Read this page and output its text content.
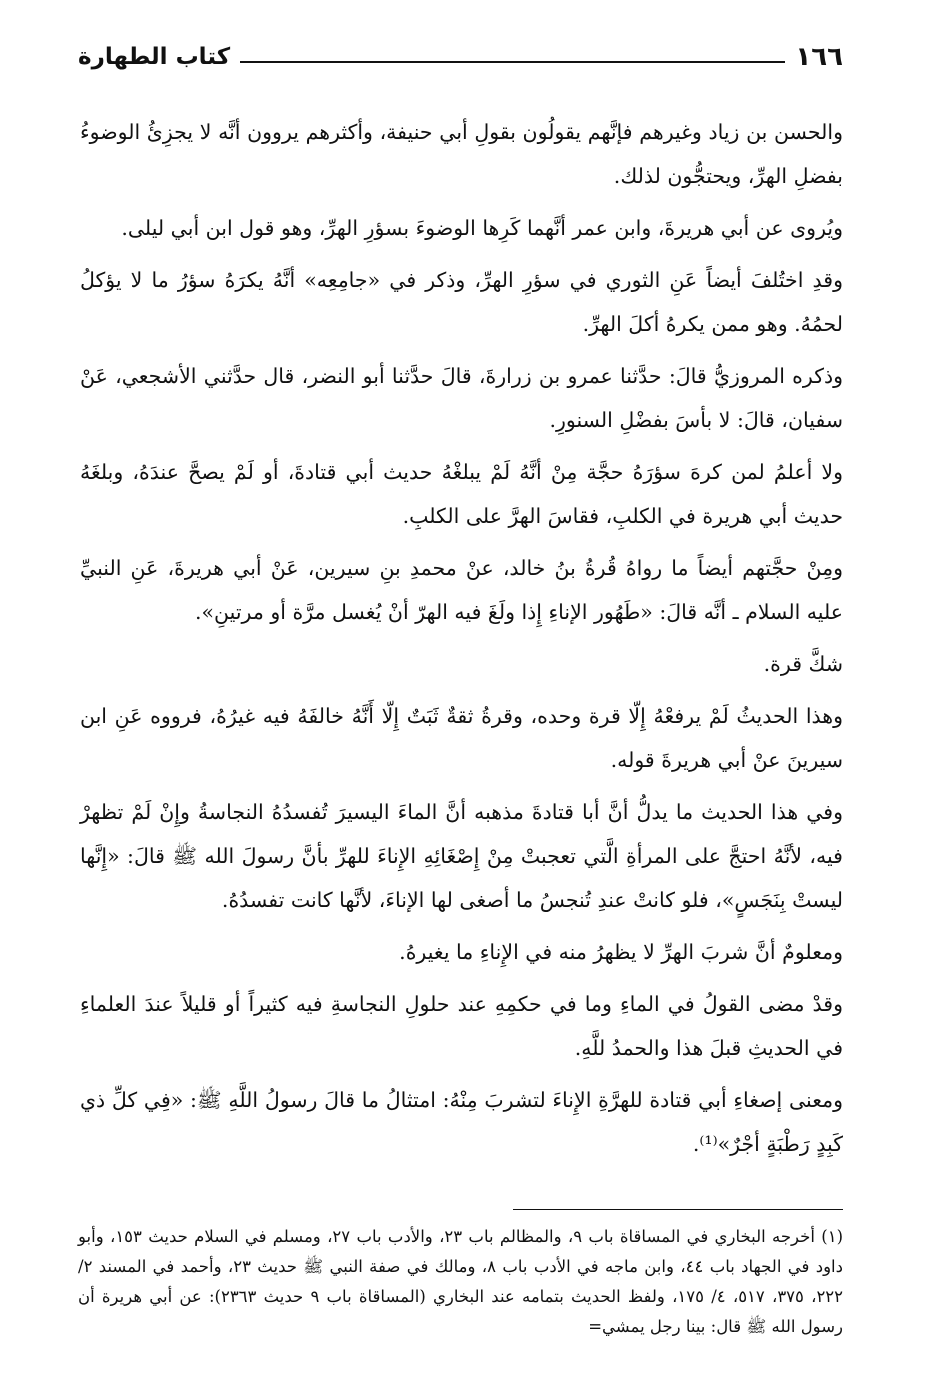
كتاب الطهارة	١٦٦

والحسن بن زياد وغيرهم فإنَّهم يقولُون بقولِ أبي حنيفة، وأكثرهم يروون أنَّه لا يجزِئُ الوضوءُ بفضلِ الهرِّ، ويحتجُّون لذلك.

ويُروى عن أبي هريرةَ، وابن عمر أنَّهما كَرِها الوضوءَ بسؤرِ الهرِّ، وهو قول ابن أبي ليلى.

وقدِ اختُلفَ أيضاً عَنِ الثوري في سؤرِ الهرِّ، وذكر في «جامِعِه» أنَّهُ يكرَهُ سؤرُ ما لا يؤكلُ لحمُهُ. وهو ممن يكرهُ أكلَ الهرِّ.

وذكره المروزيُّ قالَ: حدَّثنا عمرو بن زرارةَ، قالَ حدَّثنا أبو النضر، قال حدَّثني الأشجعي، عَنْ سفيان، قالَ: لا بأسَ بفضْلِ السنورِ.

ولا أعلمُ لمن كرهَ سؤرَهُ حجَّة مِنْ أنَّهُ لَمْ يبلغْهُ حديث أبي قتادةَ، أو لَمْ يصحَّ عندَهُ، وبلغَهُ حديث أبي هريرة في الكلبِ، فقاسَ الهرَّ على الكلبِ.

ومِنْ حجَّتهم أيضاً ما رواهُ قُرةُ بنُ خالد، عنْ محمدِ بنِ سيرين، عَنْ أبي هريرةَ، عَنِ النبيِّ عليه السلام ـ أنَّه قالَ: «طَهُور الإناءِ إِذا ولَغَ فيه الهرّ أنْ يُغسل مرَّة أو مرتينِ».

شكَّ قرة.

وهذا الحديثُ لَمْ يرفعْهُ إِلّا قرة وحده، وقرةُ ثقةٌ ثَبَتٌ إِلّا أَنَّهُ خالفَهُ فيه غيرُهُ، فرووه عَنِ ابن سيرينَ عنْ أبي هريرةَ قوله.

وفي هذا الحديث ما يدلُّ أنَّ أبا قتادةَ مذهبه أنَّ الماءَ اليسيرَ تُفسدُهُ النجاسةُ وإِنْ لَمْ تظهرْ فيه، لأنَّهُ احتجَّ على المرأةِ الَّتي تعجبتْ مِنْ إِصْغَائِهِ الإِناءَ للهرِّ بأنَّ رسولَ الله ﷺ قالَ: «إِنَّها ليستْ بِنَجَسٍ»، فلو كانتْ عندِ تُنجسُ ما أصغى لها الإناءَ، لأنَّها كانت تفسدُهُ.

ومعلومٌ أنَّ شربَ الهرِّ لا يظهرُ منه في الإِناءِ ما يغيرهُ.

وقدْ مضى القولُ في الماءِ وما في حكمِهِ عند حلولِ النجاسةِ فيه كثيراً أو قليلاً عندَ العلماءِ في الحديثِ قبلَ هذا والحمدُ للَّهِ.

ومعنى إصغاءِ أبي قتادة للهرَّةِ الإِناءَ لتشربَ مِنْهُ: امتثالُ ما قالَ رسولُ اللَّهِ ﷺ: «فِي كلِّ ذي كَبِدٍ رَطْبَةٍ أجْرٌ»⁽¹⁾.

(١) أخرجه البخاري في المساقاة باب ٩، والمظالم باب ٢٣، والأدب باب ٢٧، ومسلم في السلام حديث ١٥٣، وأبو داود في الجهاد باب ٤٤، وابن ماجه في الأدب باب ٨، ومالك في صفة النبي ﷺ حديث ٢٣، وأحمد في المسند ٢/ ٢٢٢، ٣٧٥، ٥١٧، ٤/ ١٧٥، ولفظ الحديث بتمامه عند البخاري (المساقاة باب ٩ حديث ٢٣٦٣): عن أبي هريرة أن رسول الله ﷺ قال: بينا رجل يمشي=
